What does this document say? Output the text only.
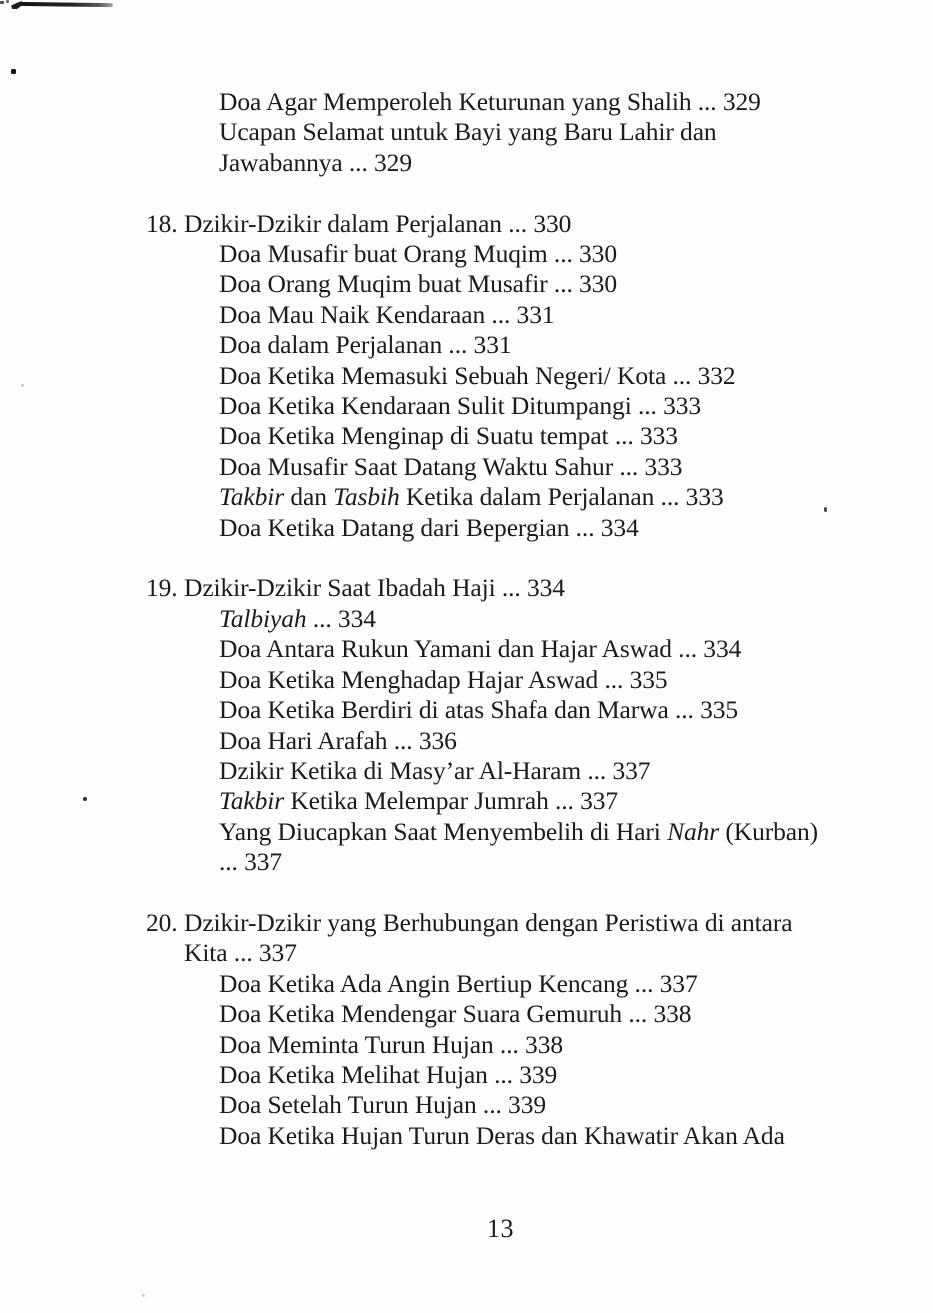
Doa Agar Memperoleh Keturunan yang Shalih ... 329
Ucapan Selamat untuk Bayi yang Baru Lahir dan
Jawabannya ... 329
18. Dzikir-Dzikir dalam Perjalanan ... 330
Doa Musafir buat Orang Muqim ... 330
Doa Orang Muqim buat Musafir ... 330
Doa Mau Naik Kendaraan ... 331
Doa dalam Perjalanan ... 331
Doa Ketika Memasuki Sebuah Negeri/ Kota ... 332
Doa Ketika Kendaraan Sulit Ditumpangi ... 333
Doa Ketika Menginap di Suatu tempat ... 333
Doa Musafir Saat Datang Waktu Sahur ... 333
Takbir dan Tasbih Ketika dalam Perjalanan ... 333
Doa Ketika Datang dari Bepergian ... 334
19. Dzikir-Dzikir Saat Ibadah Haji ... 334
Talbiyah ... 334
Doa Antara Rukun Yamani dan Hajar Aswad ... 334
Doa Ketika Menghadap Hajar Aswad ... 335
Doa Ketika Berdiri di atas Shafa dan Marwa ... 335
Doa Hari Arafah ... 336
Dzikir Ketika di Masy’ar Al-Haram ... 337
Takbir Ketika Melempar Jumrah ... 337
Yang Diucapkan Saat Menyembelih di Hari Nahr (Kurban)
... 337
20. Dzikir-Dzikir yang Berhubungan dengan Peristiwa di antara
Kita ... 337
Doa Ketika Ada Angin Bertiup Kencang ... 337
Doa Ketika Mendengar Suara Gemuruh ... 338
Doa Meminta Turun Hujan ... 338
Doa Ketika Melihat Hujan ... 339
Doa Setelah Turun Hujan ... 339
Doa Ketika Hujan Turun Deras dan Khawatir Akan Ada
13
